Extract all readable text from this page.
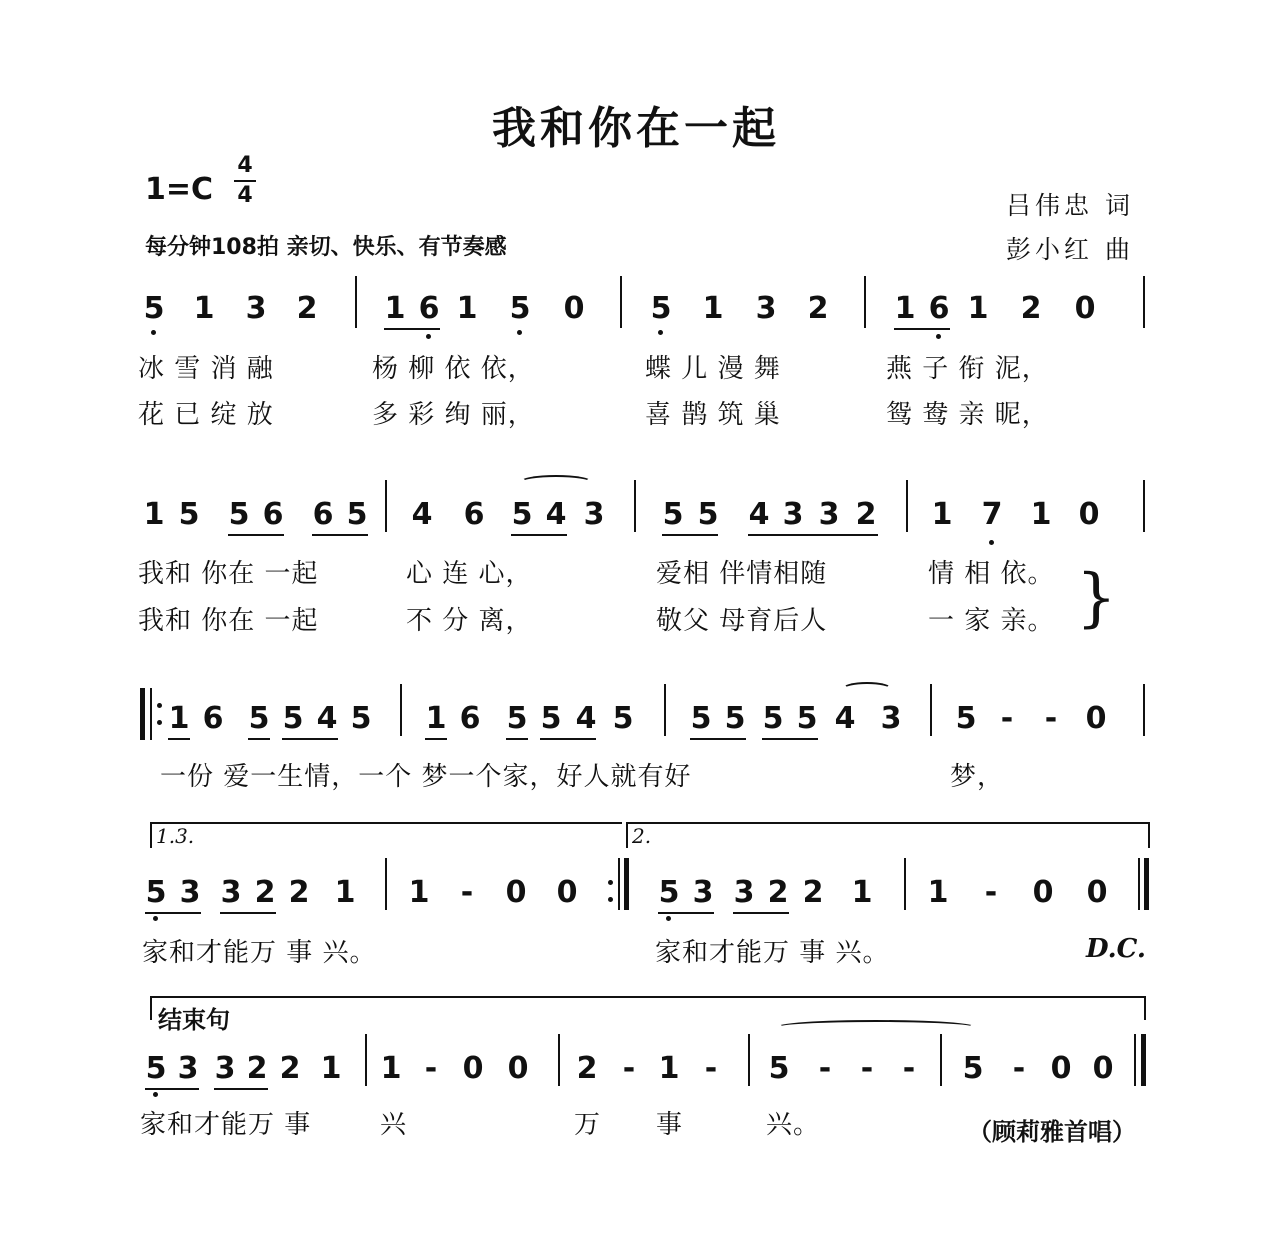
我和你在一起
1=C
4
4
每分钟108拍 亲切、快乐、有节奏感
吕伟忠 词
彭小红 曲
5 1 3 2 1 6 1 5 0 5 1 3 2 1 6 1 2 0
冰 雪 消 融	杨 柳 依 依，	蝶 儿 漫 舞	燕 子 衔 泥，
花 已 绽 放	多 彩 绚 丽，	喜 鹊 筑 巢	鸳 鸯 亲 昵，
1 5 5 6 6 5 4 6 5 4 3 5 5 4 3 3 2 1 7 1 0
我和 你在 一起	心 连 心，	爱相 伴情相随	情 相 依。
我和 你在 一起	不 分 离，	敬父 母育后人	一 家 亲。 }
1 6 5 5 4 5 1 6 5 5 4 5 5 5 5 5 4 3 5 - - 0
一份 爱一生情，一个 梦一个家，好人就有好	梦，
1.3.	2.
5 3 3 2 2 1 1 - 0 0	5 3 3 2 2 1 1 - 0 0
家和才能万 事 兴。	家和才能万 事 兴。	D.C.
结束句
5 3 3 2 2 1 1 - 0 0 2 - 1 - 5 - - - 5 - 0 0
家和才能万 事	兴	万 事	兴。	（顾莉雅首唱）
